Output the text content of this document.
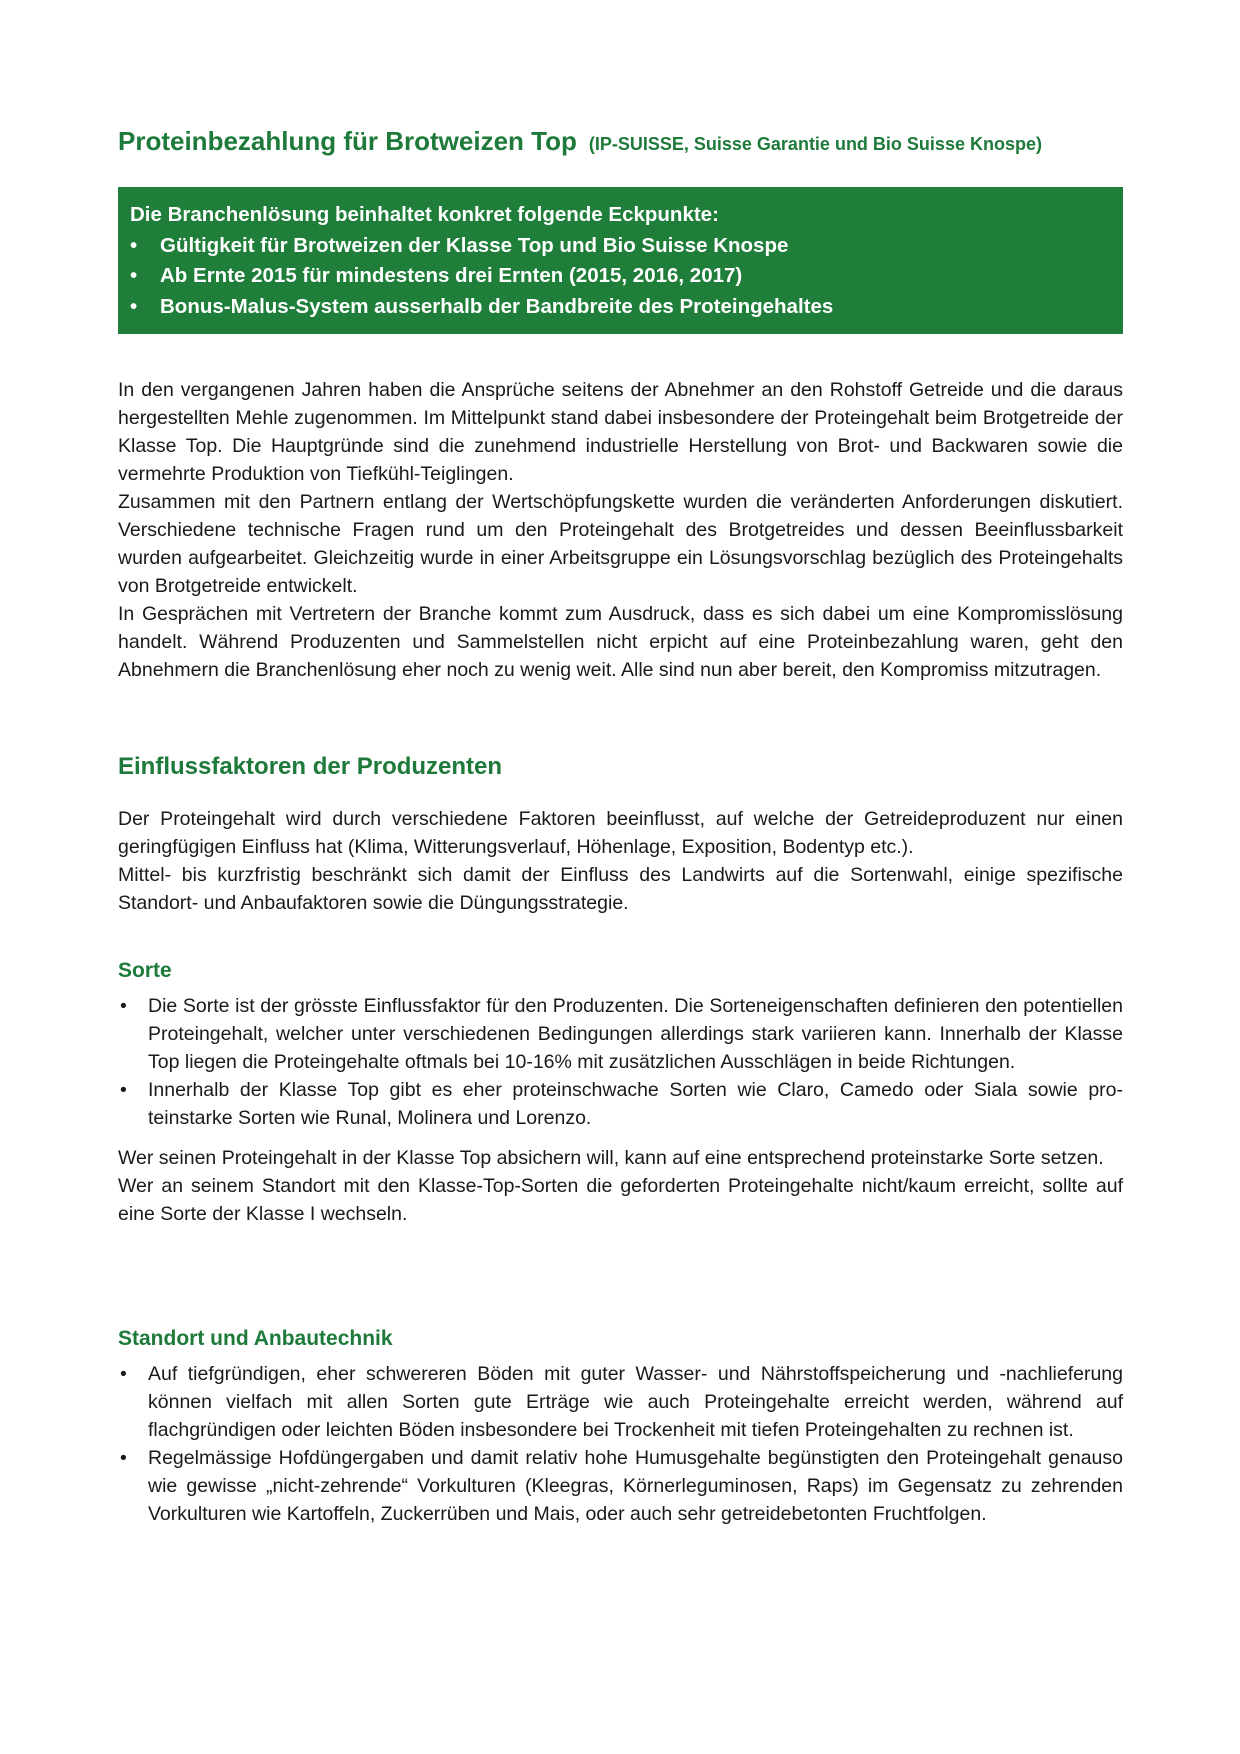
Proteinbezahlung für Brotweizen Top (IP-SUISSE, Suisse Garantie und Bio Suisse Knospe)
Die Branchenlösung beinhaltet konkret folgende Eckpunkte:
• Gültigkeit für Brotweizen der Klasse Top und Bio Suisse Knospe
• Ab Ernte 2015 für mindestens drei Ernten (2015, 2016, 2017)
• Bonus-Malus-System ausserhalb der Bandbreite des Proteingehaltes

In den vergangenen Jahren haben die Ansprüche seitens der Abnehmer an den Rohstoff Getreide und die daraus hergestellten Mehle zugenommen. Im Mittelpunkt stand dabei insbesondere der Proteingehalt beim Brotgetreide der Klasse Top. Die Hauptgründe sind die zunehmend industrielle Herstellung von Brot- und Backwaren sowie die vermehrte Produktion von Tiefkühl-Teiglingen.

Zusammen mit den Partnern entlang der Wertschöpfungskette wurden die veränderten Anforderungen diskutiert. Verschiedene technische Fragen rund um den Proteingehalt des Brotgetreides und dessen Beeinflussbarkeit wurden aufgearbeitet. Gleichzeitig wurde in einer Arbeitsgruppe ein Lösungsvorschlag bezüglich des Proteingehalts von Brotgetreide entwickelt.

In Gesprächen mit Vertretern der Branche kommt zum Ausdruck, dass es sich dabei um eine Kompromisslösung handelt. Während Produzenten und Sammelstellen nicht erpicht auf eine Proteinbezahlung waren, geht den Abnehmern die Branchenlösung eher noch zu wenig weit. Alle sind nun aber bereit, den Kompromiss mitzutragen.

Einflussfaktoren der Produzenten

Der Proteingehalt wird durch verschiedene Faktoren beeinflusst, auf welche der Getreideproduzent nur einen geringfügigen Einfluss hat (Klima, Witterungsverlauf, Höhenlage, Exposition, Bodentyp etc.).

Mittel- bis kurzfristig beschränkt sich damit der Einfluss des Landwirts auf die Sortenwahl, einige spezifische Standort- und Anbaufaktoren sowie die Düngungsstrategie.

Sorte
• Die Sorte ist der grösste Einflussfaktor für den Produzenten. Die Sorteneigenschaften definieren den potentiellen Proteingehalt, welcher unter verschiedenen Bedingungen allerdings stark variieren kann. Innerhalb der Klasse Top liegen die Proteingehalte oftmals bei 10-16% mit zusätzlichen Ausschlägen in beide Richtungen.
• Innerhalb der Klasse Top gibt es eher proteinschwache Sorten wie Claro, Camedo oder Siala sowie proteinstarke Sorten wie Runal, Molinera und Lorenzo.

Wer seinen Proteingehalt in der Klasse Top absichern will, kann auf eine entsprechend proteinstarke Sorte setzen.

Wer an seinem Standort mit den Klasse-Top-Sorten die geforderten Proteingehalte nicht/kaum erreicht, sollte auf eine Sorte der Klasse I wechseln.

Standort und Anbautechnik
• Auf tiefgründigen, eher schwereren Böden mit guter Wasser- und Nährstoffspeicherung und -nachlieferung können vielfach mit allen Sorten gute Erträge wie auch Proteingehalte erreicht werden, während auf flachgründigen oder leichten Böden insbesondere bei Trockenheit mit tiefen Proteingehalten zu rechnen ist.
• Regelmässige Hofdüngergaben und damit relativ hohe Humusgehalte begünstigten den Proteingehalt genauso wie gewisse „nicht-zehrende“ Vorkulturen (Kleegras, Körnerleguminosen, Raps) im Gegensatz zu zehrenden Vorkulturen wie Kartoffeln, Zuckerrüben und Mais, oder auch sehr getreidebetonten Fruchtfolgen.
